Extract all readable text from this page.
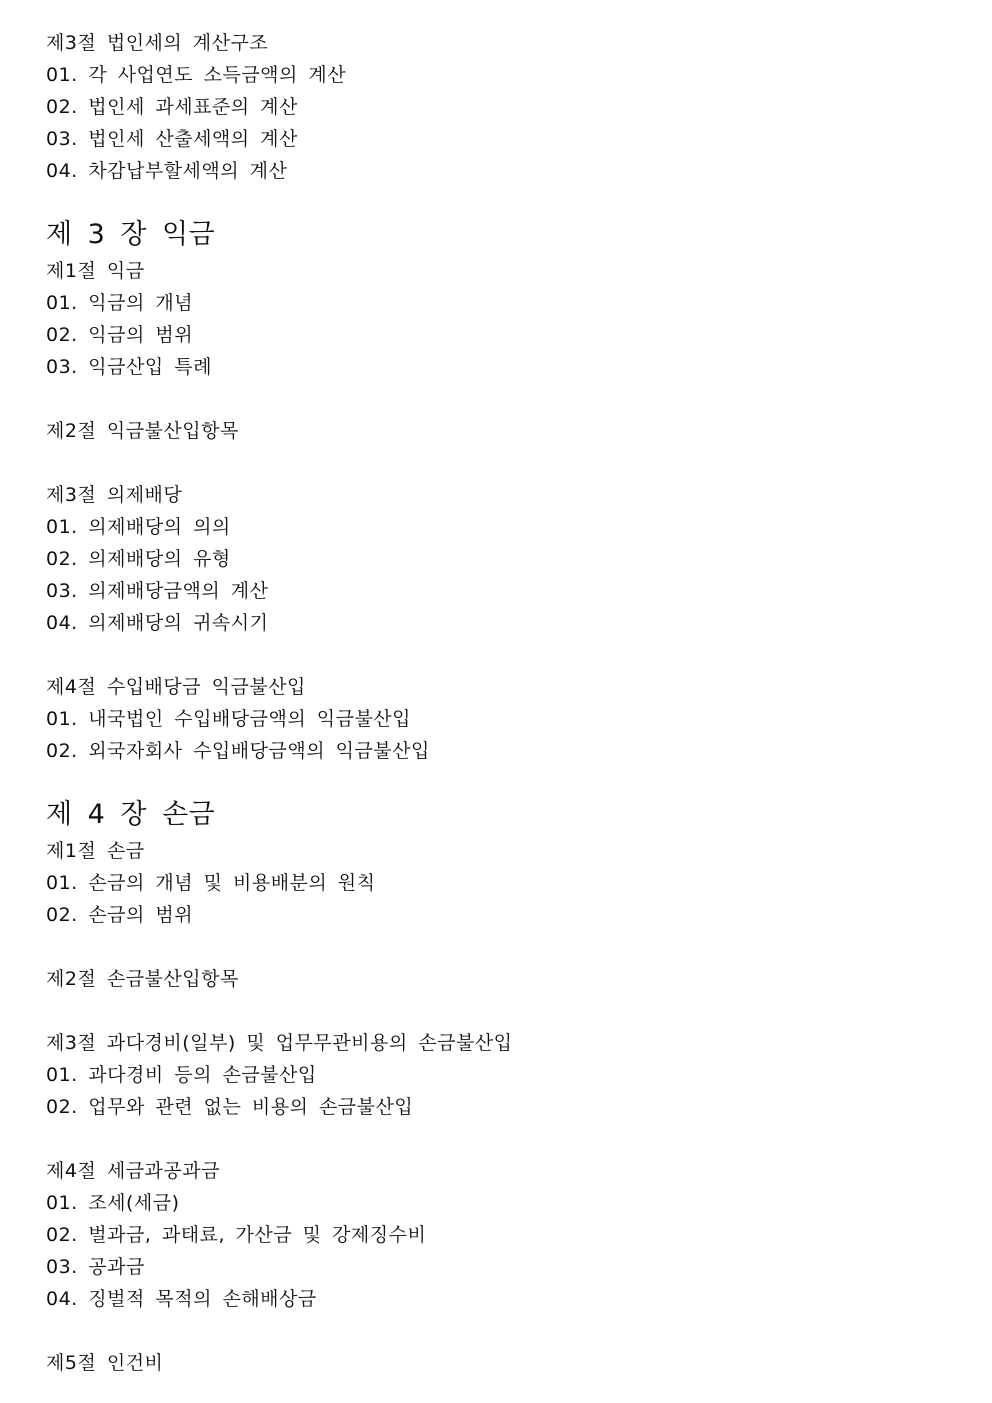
제3절 법인세의 계산구조
01. 각 사업연도 소득금액의 계산
02. 법인세 과세표준의 계산
03. 법인세 산출세액의 계산
04. 차감납부할세액의 계산
제 3 장 익금
제1절 익금
01. 익금의 개념
02. 익금의 범위
03. 익금산입 특례
제2절 익금불산입항목
제3절 의제배당
01. 의제배당의 의의
02. 의제배당의 유형
03. 의제배당금액의 계산
04. 의제배당의 귀속시기
제4절 수입배당금 익금불산입
01. 내국법인 수입배당금액의 익금불산입
02. 외국자회사 수입배당금액의 익금불산입
제 4 장 손금
제1절 손금
01. 손금의 개념 및 비용배분의 원칙
02. 손금의 범위
제2절 손금불산입항목
제3절 과다경비(일부) 및 업무무관비용의 손금불산입
01. 과다경비 등의 손금불산입
02. 업무와 관련 없는 비용의 손금불산입
제4절 세금과공과금
01. 조세(세금)
02. 벌과금, 과태료, 가산금 및 강제징수비
03. 공과금
04. 징벌적 목적의 손해배상금
제5절 인건비
